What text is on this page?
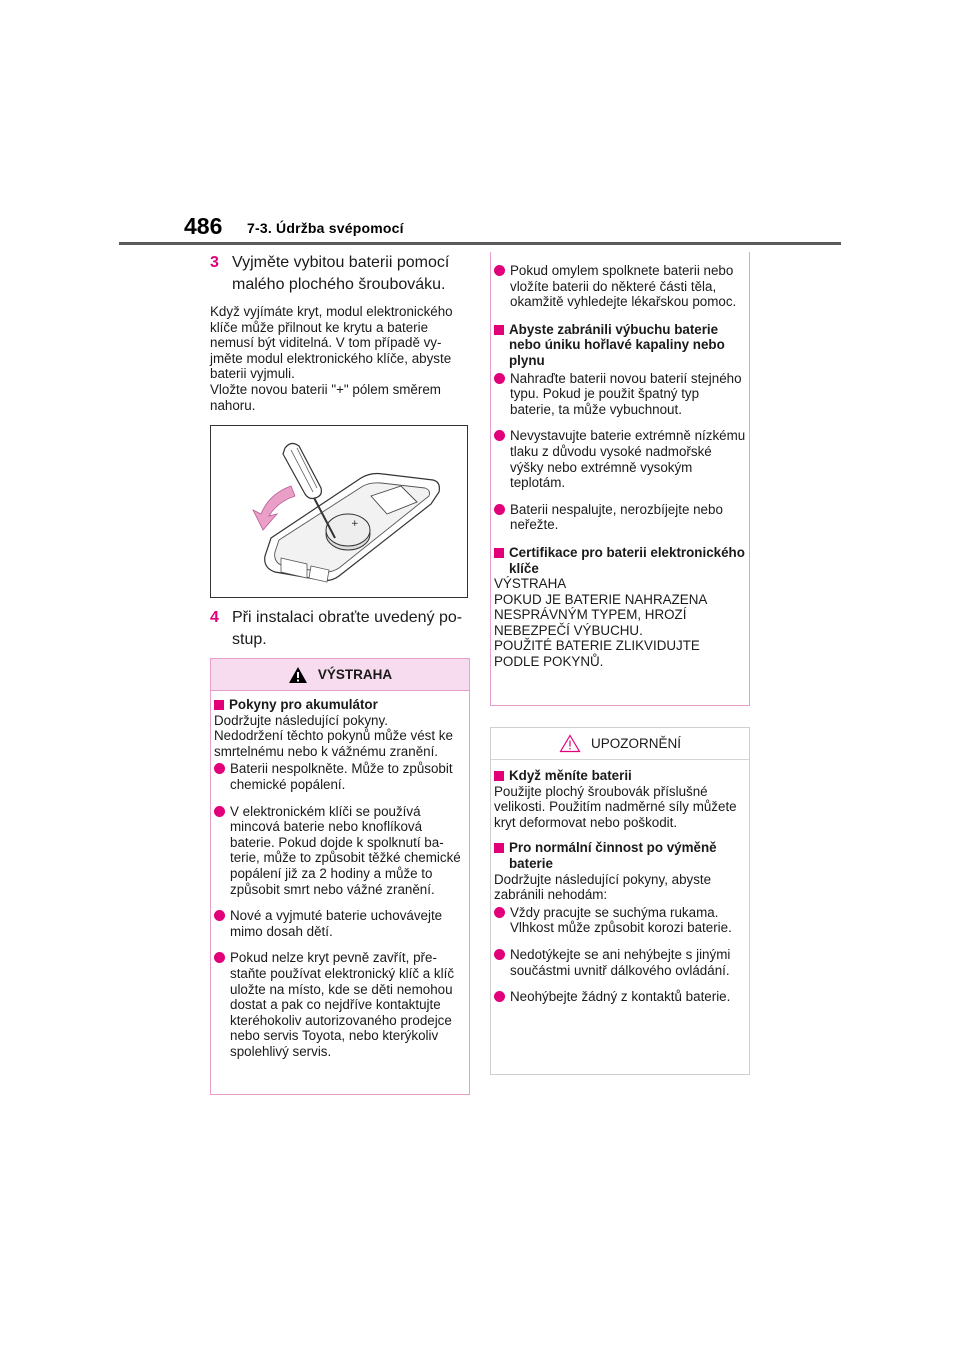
486 7-3. Údržba svépomocí
3 Vyjměte vybitou baterii pomocí malého plochého šroubováku.
Když vyjímáte kryt, modul elektronického klíče může přilnout ke krytu a baterie nemusí být viditelná. V tom případě vyjměte modul elektronického klíče, abyste baterii vyjmuli.
Vložte novou baterii "+" pólem směrem nahoru.
+
4 Při instalaci obraťte uvedený postup.
VÝSTRAHA
Pokyny pro akumulátor
Dodržujte následující pokyny.
Nedodržení těchto pokynů může vést ke smrtelnému nebo k vážnému zranění.
Baterii nespolkněte. Může to způsobit chemické popálení.
V elektronickém klíči se používá mincová baterie nebo knoflíková baterie. Pokud dojde k spolknutí baterie, může to způsobit těžké chemické popálení již za 2 hodiny a může to způsobit smrt nebo vážné zranění.
Nové a vyjmuté baterie uchovávejte mimo dosah dětí.
Pokud nelze kryt pevně zavřít, přestaňte používat elektronický klíč a klíč uložte na místo, kde se děti nemohou dostat a pak co nejdříve kontaktujte kteréhokoliv autorizovaného prodejce nebo servis Toyota, nebo kterýkoliv spolehlivý servis.
Pokud omylem spolknete baterii nebo vložíte baterii do některé části těla, okamžitě vyhledejte lékařskou pomoc.
Abyste zabránili výbuchu baterie nebo úniku hořlavé kapaliny nebo plynu
Nahraďte baterii novou baterií stejného typu. Pokud je použit špatný typ baterie, ta může vybuchnout.
Nevystavujte baterie extrémně nízkému tlaku z důvodu vysoké nadmořské výšky nebo extrémně vysokým teplotám.
Baterii nespalujte, nerozbíjejte nebo neřežte.
Certifikace pro baterii elektronického klíče
VÝSTRAHA
POKUD JE BATERIE NAHRAZENA
NESPRÁVNÝM TYPEM, HROZÍ
NEBEZPEČÍ VÝBUCHU.
POUŽITÉ BATERIE ZLIKVIDUJTE
PODLE POKYNŮ.
UPOZORNĚNÍ
Když měníte baterii
Použijte plochý šroubovák příslušné velikosti. Použitím nadměrné síly můžete kryt deformovat nebo poškodit.
Pro normální činnost po výměně baterie
Dodržujte následující pokyny, abyste zabránili nehodám:
Vždy pracujte se suchýma rukama. Vlhkost může způsobit korozi baterie.
Nedotýkejte se ani nehýbejte s jinými součástmi uvnitř dálkového ovládání.
Neohýbejte žádný z kontaktů baterie.
